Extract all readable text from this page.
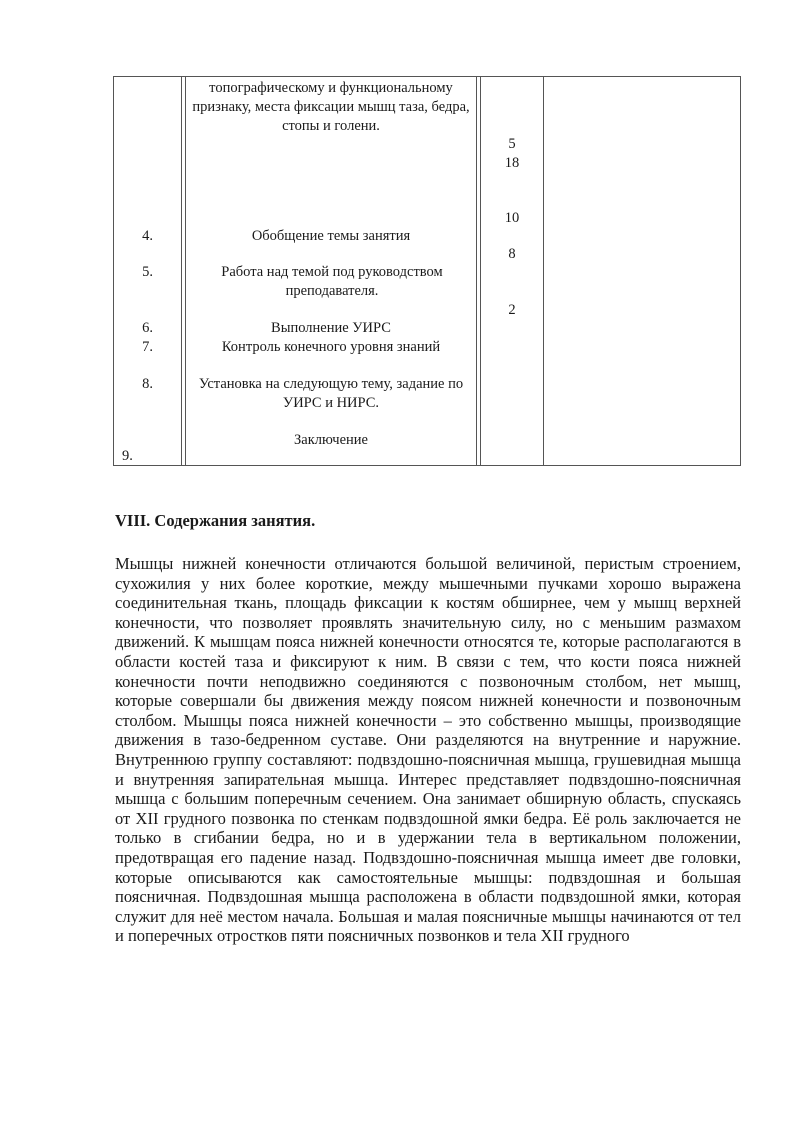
топографическому и функциональному признаку, места фиксации мышц таза, бедра, стопы и голени.
4.
5.
6.
7.
8.
9.
Обобщение темы занятия
Работа над темой под руководством преподавателя.
Выполнение УИРС
Контроль конечного уровня знаний
Установка на следующую тему, задание по УИРС и НИРС.
Заключение
5
18
10
8
2
VIII. Содержания занятия.

Мышцы нижней конечности отличаются большой величиной, перистым строением, сухожилия у них более короткие, между мышечными пучками хорошо выражена соединительная ткань, площадь фиксации к костям обширнее, чем у мышц верхней конечности, что позволяет проявлять значительную силу, но с меньшим размахом движений. К мышцам пояса нижней конечности относятся те, которые располагаются в области костей таза и фиксируют к ним. В связи с тем, что кости пояса нижней конечности почти неподвижно соединяются с позвоночным столбом, нет мышц, которые совершали бы движения между поясом нижней конечности и позвоночным столбом. Мышцы пояса нижней конечности – это собственно мышцы, производящие движения в тазо-бедренном суставе. Они разделяются на внутренние и наружние. Внутреннюю группу составляют: подвздошно-поясничная мышца, грушевидная мышца и внутренняя запирательная мышца. Интерес представляет подвздошно-поясничная мышца с большим поперечным сечением. Она занимает обширную область, спускаясь от XII грудного позвонка по стенкам подвздошной ямки бедра. Её роль заключается не только в сгибании бедра, но и в удержании тела в вертикальном положении, предотвращая его падение назад. Подвздошно-поясничная мышца имеет две головки, которые описываются как самостоятельные мышцы: подвздошная и большая поясничная. Подвздошная мышца расположена в области подвздошной ямки, которая служит для неё местом начала. Большая и малая поясничные мышцы начинаются от тел и поперечных отростков пяти поясничных позвонков и тела XII грудного
